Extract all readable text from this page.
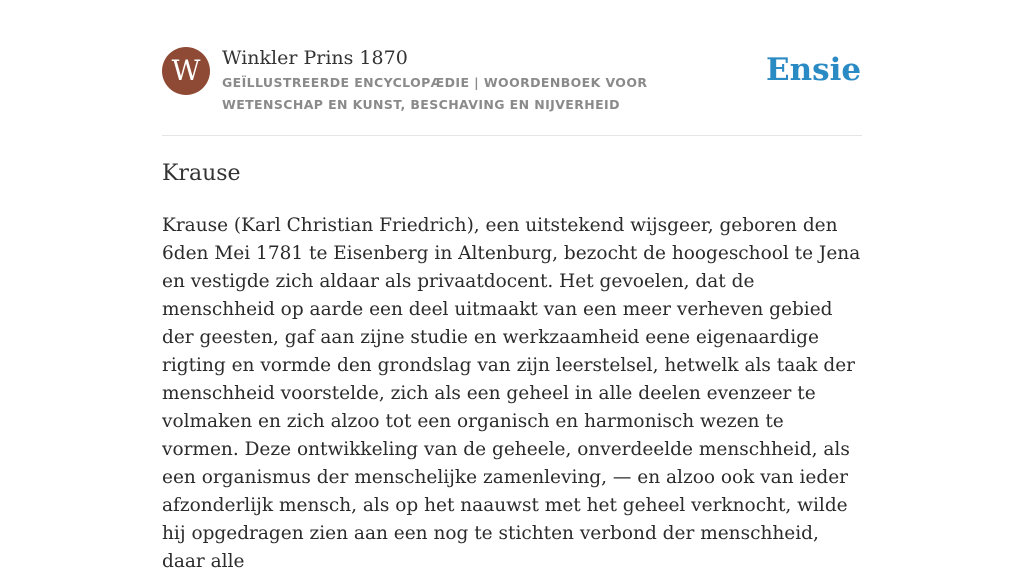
W	Winkler Prins 1870
GEÏLLUSTREERDE ENCYCLOPÆDIE | WOORDENBOEK VOOR WETENSCHAP EN KUNST, BESCHAVING EN NIJVERHEID
Ensie
Krause

Krause (Karl Christian Friedrich), een uitstekend wijsgeer, geboren den 6den Mei 1781 te Eisenberg in Altenburg, bezocht de hoogeschool te Jena en vestigde zich aldaar als privaatdocent. Het gevoelen, dat de menschheid op aarde een deel uitmaakt van een meer verheven gebied der geesten, gaf aan zijne studie en werkzaamheid eene eigenaardige rigting en vormde den grondslag van zijn leerstelsel, hetwelk als taak der menschheid voorstelde, zich als een geheel in alle deelen evenzeer te volmaken en zich alzoo tot een organisch en harmonisch wezen te vormen. Deze ontwikkeling van de geheele, onverdeelde menschheid, als een organismus der menschelijke zamenleving, — en alzoo ook van ieder afzonderlijk mensch, als op het naauwst met het geheel verknocht, wilde hij opgedragen zien aan een nog te stichten verbond der menschheid, daar alle
